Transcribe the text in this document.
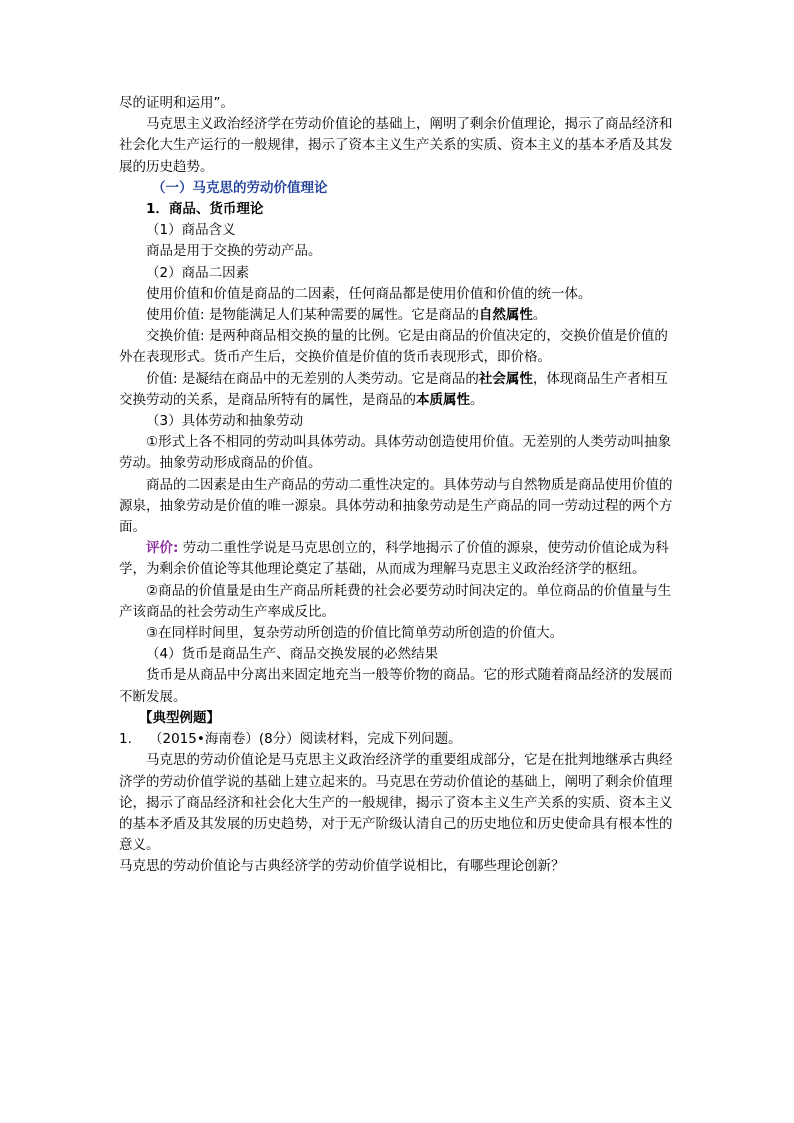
尽的证明和运用”。

马克思主义政治经济学在劳动价值论的基础上，阐明了剩余价值理论，揭示了商品经济和社会化大生产运行的一般规律，揭示了资本主义生产关系的实质、资本主义的基本矛盾及其发展的历史趋势。

（一）马克思的劳动价值理论

1．商品、货币理论

（1）商品含义

商品是用于交换的劳动产品。

（2）商品二因素

使用价值和价值是商品的二因素，任何商品都是使用价值和价值的统一体。

使用价值: 是物能满足人们某种需要的属性。它是商品的自然属性。

交换价值: 是两种商品相交换的量的比例。它是由商品的价值决定的，交换价值是价值的外在表现形式。货币产生后，交换价值是价值的货币表现形式，即价格。

价值: 是凝结在商品中的无差别的人类劳动。它是商品的社会属性，体现商品生产者相互交换劳动的关系，是商品所特有的属性，是商品的本质属性。

（3）具体劳动和抽象劳动

①形式上各不相同的劳动叫具体劳动。具体劳动创造使用价值。无差别的人类劳动叫抽象劳动。抽象劳动形成商品的价值。

商品的二因素是由生产商品的劳动二重性决定的。具体劳动与自然物质是商品使用价值的源泉，抽象劳动是价值的唯一源泉。具体劳动和抽象劳动是生产商品的同一劳动过程的两个方面。

评价: 劳动二重性学说是马克思创立的，科学地揭示了价值的源泉，使劳动价值论成为科学，为剩余价值论等其他理论奠定了基础，从而成为理解马克思主义政治经济学的枢纽。

②商品的价值量是由生产商品所耗费的社会必要劳动时间决定的。单位商品的价值量与生产该商品的社会劳动生产率成反比。

③在同样时间里，复杂劳动所创造的价值比简单劳动所创造的价值大。

（4）货币是商品生产、商品交换发展的必然结果

货币是从商品中分离出来固定地充当一般等价物的商品。它的形式随着商品经济的发展而不断发展。

【典型例题】

1. （2015•海南卷）(8分）阅读材料，完成下列问题。

马克思的劳动价值论是马克思主义政治经济学的重要组成部分，它是在批判地继承古典经济学的劳动价值学说的基础上建立起来的。马克思在劳动价值论的基础上，阐明了剩余价值理论，揭示了商品经济和社会化大生产的一般规律，揭示了资本主义生产关系的实质、资本主义的基本矛盾及其发展的历史趋势，对于无产阶级认清自己的历史地位和历史使命具有根本性的意义。

马克思的劳动价值论与古典经济学的劳动价值学说相比，有哪些理论创新？
